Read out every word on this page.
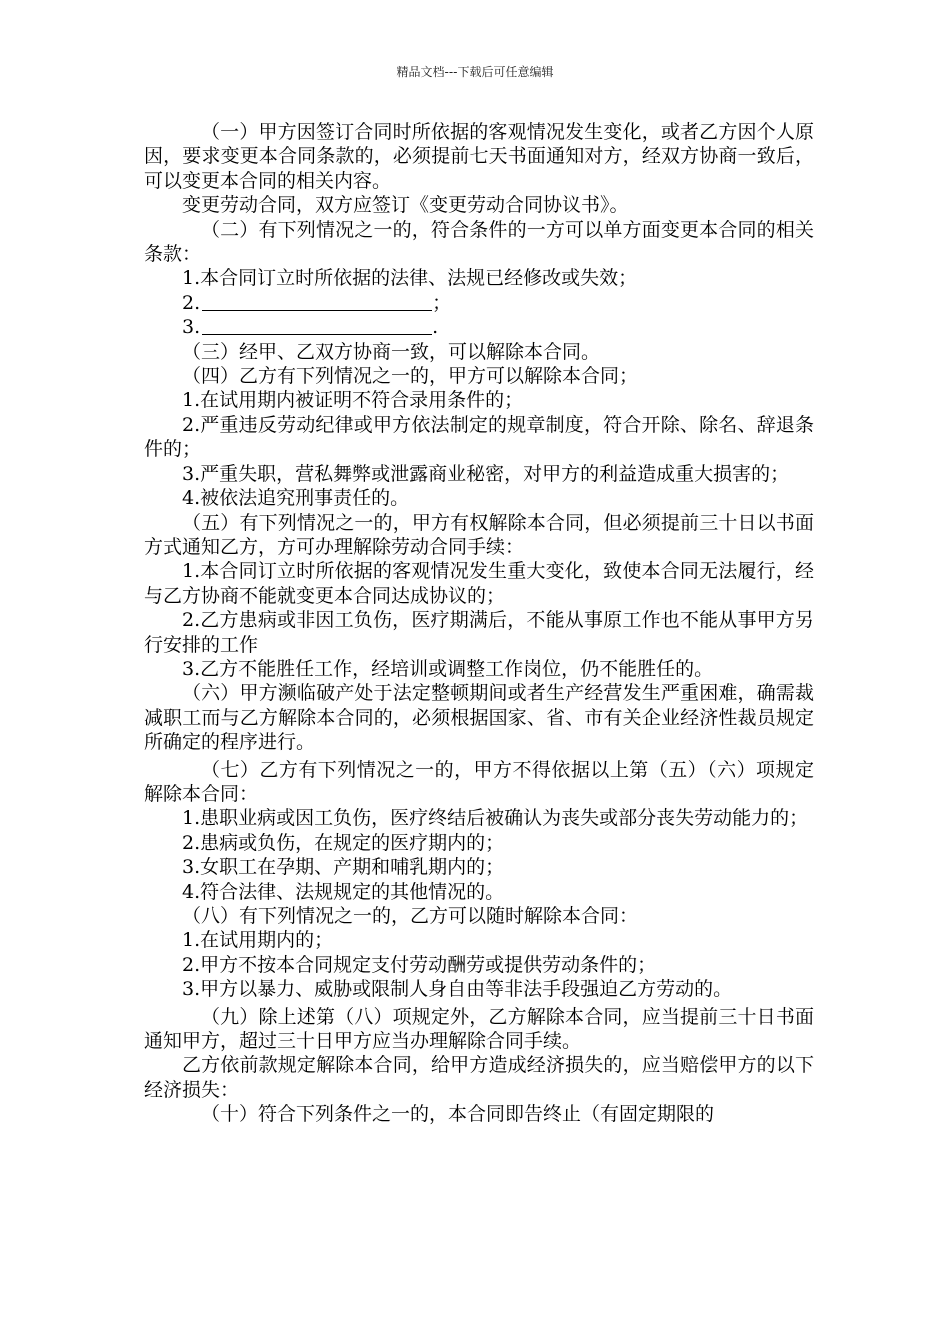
精品文档---下载后可任意编辑

（一）甲方因签订合同时所依据的客观情况发生变化，或者乙方因个人原因，要求变更本合同条款的，必须提前七天书面通知对方，经双方协商一致后，可以变更本合同的相关内容。

变更劳动合同，双方应签订《变更劳动合同协议书》。

（二）有下列情况之一的，符合条件的一方可以单方面变更本合同的相关条款：

1.本合同订立时所依据的法律、法规已经修改或失效；

2.	；

3.	.

（三）经甲、乙双方协商一致，可以解除本合同。

（四）乙方有下列情况之一的，甲方可以解除本合同；

1.在试用期内被证明不符合录用条件的；

2.严重违反劳动纪律或甲方依法制定的规章制度，符合开除、除名、辞退条件的；

3.严重失职，营私舞弊或泄露商业秘密，对甲方的利益造成重大损害的；

4.被依法追究刑事责任的。

（五）有下列情况之一的，甲方有权解除本合同，但必须提前三十日以书面方式通知乙方，方可办理解除劳动合同手续：

1.本合同订立时所依据的客观情况发生重大变化，致使本合同无法履行，经与乙方协商不能就变更本合同达成协议的；

2.乙方患病或非因工负伤，医疗期满后，不能从事原工作也不能从事甲方另行安排的工作

3.乙方不能胜任工作，经培训或调整工作岗位，仍不能胜任的。

（六）甲方濒临破产处于法定整顿期间或者生产经营发生严重困难，确需裁减职工而与乙方解除本合同的，必须根据国家、省、市有关企业经济性裁员规定所确定的程序进行。

（七）乙方有下列情况之一的，甲方不得依据以上第（五）（六）项规定解除本合同：

1.患职业病或因工负伤，医疗终结后被确认为丧失或部分丧失劳动能力的；

2.患病或负伤，在规定的医疗期内的；

3.女职工在孕期、产期和哺乳期内的；

4.符合法律、法规规定的其他情况的。

（八）有下列情况之一的，乙方可以随时解除本合同：

1.在试用期内的；

2.甲方不按本合同规定支付劳动酬劳或提供劳动条件的；

3.甲方以暴力、威胁或限制人身自由等非法手段强迫乙方劳动的。

（九）除上述第（八）项规定外，乙方解除本合同，应当提前三十日书面通知甲方，超过三十日甲方应当办理解除合同手续。

乙方依前款规定解除本合同，给甲方造成经济损失的，应当赔偿甲方的以下经济损失：

（十）符合下列条件之一的，本合同即告终止（有固定期限的
